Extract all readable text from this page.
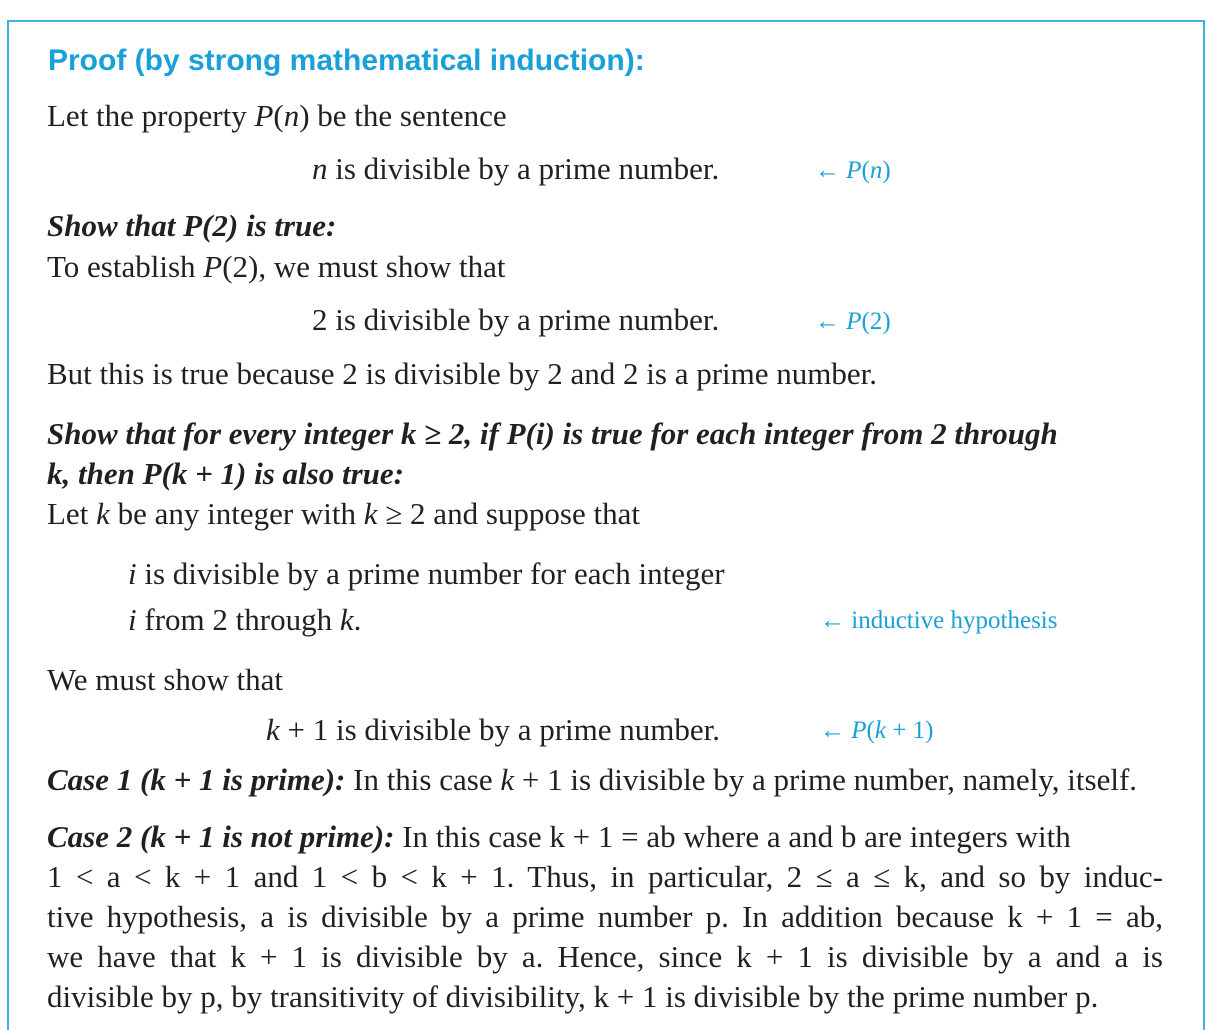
Proof (by strong mathematical induction):
Let the property P(n) be the sentence
n is divisible by a prime number.	← P(n)
Show that P(2) is true:
To establish P(2), we must show that
2 is divisible by a prime number.	← P(2)
But this is true because 2 is divisible by 2 and 2 is a prime number.
Show that for every integer k ≥ 2, if P(i) is true for each integer from 2 through
k, then P(k + 1) is also true:
Let k be any integer with k ≥ 2 and suppose that
i is divisible by a prime number for each integer
i from 2 through k.	← inductive hypothesis
We must show that
k + 1 is divisible by a prime number.	← P(k + 1)
Case 1 (k + 1 is prime): In this case k + 1 is divisible by a prime number, namely, itself.
Case 2 (k + 1 is not prime): In this case k + 1 = ab where a and b are integers with
1 < a < k + 1 and 1 < b < k + 1. Thus, in particular, 2 ≤ a ≤ k, and so by induc-
tive hypothesis, a is divisible by a prime number p. In addition because k + 1 = ab,
we have that k + 1 is divisible by a. Hence, since k + 1 is divisible by a and a is
divisible by p, by transitivity of divisibility, k + 1 is divisible by the prime number p.
